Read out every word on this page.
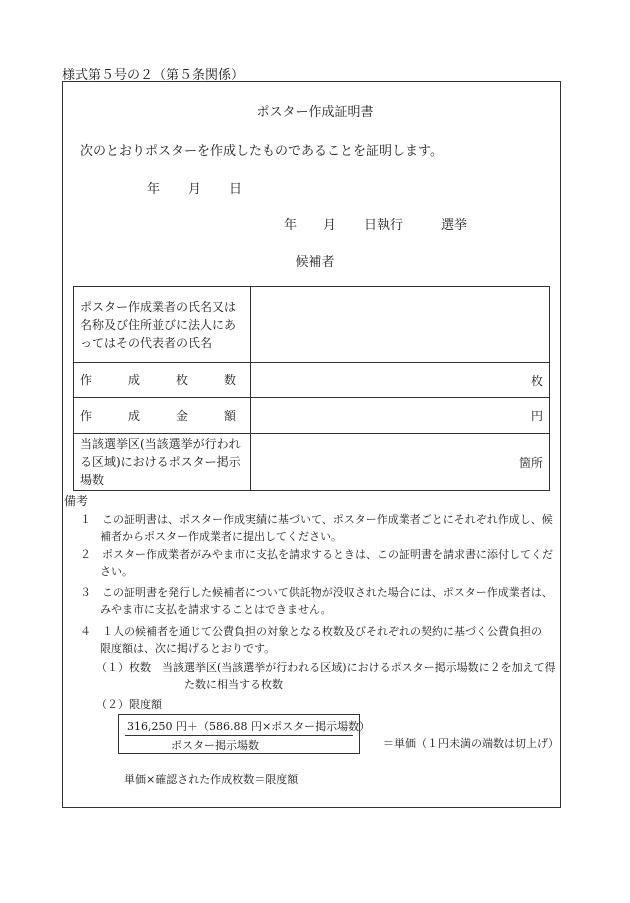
様式第５号の２（第５条関係）
ポスター作成証明書
次のとおりポスターを作成したものであることを証明します。
年 月 日
年 月 日執行	選挙
候補者
ポスター作成業者の氏名又は名称及び住所並びに法人にあってはその代表者の氏名	

作 成 枚 数	枚

作 成 金 額	円
当該選挙区(当該選挙が行われる区域)におけるポスター掲示場数	箇所
備考
１　この証明書は、ポスター作成実績に基づいて、ポスター作成業者ごとにそれぞれ作成し、候
補者からポスター作成業者に提出してください。
２　ポスター作成業者がみやま市に支払を請求するときは、この証明書を請求書に添付してくだ
さい。
３　この証明書を発行した候補者について供託物が没収された場合には、ポスター作成業者は、
みやま市に支払を請求することはできません。
４　１人の候補者を通じて公費負担の対象となる枚数及びそれぞれの契約に基づく公費負担の
限度額は、次に掲げるとおりです。
（１）枚数　当該選挙区(当該選挙が行われる区域)におけるポスター掲示場数に２を加えて得
た数に相当する枚数
（２）限度額
316,250 円＋（586.88 円×ポスター掲示場数）
ポスター掲示場数	＝単価（１円未満の端数は切上げ）
単価×確認された作成枚数＝限度額
